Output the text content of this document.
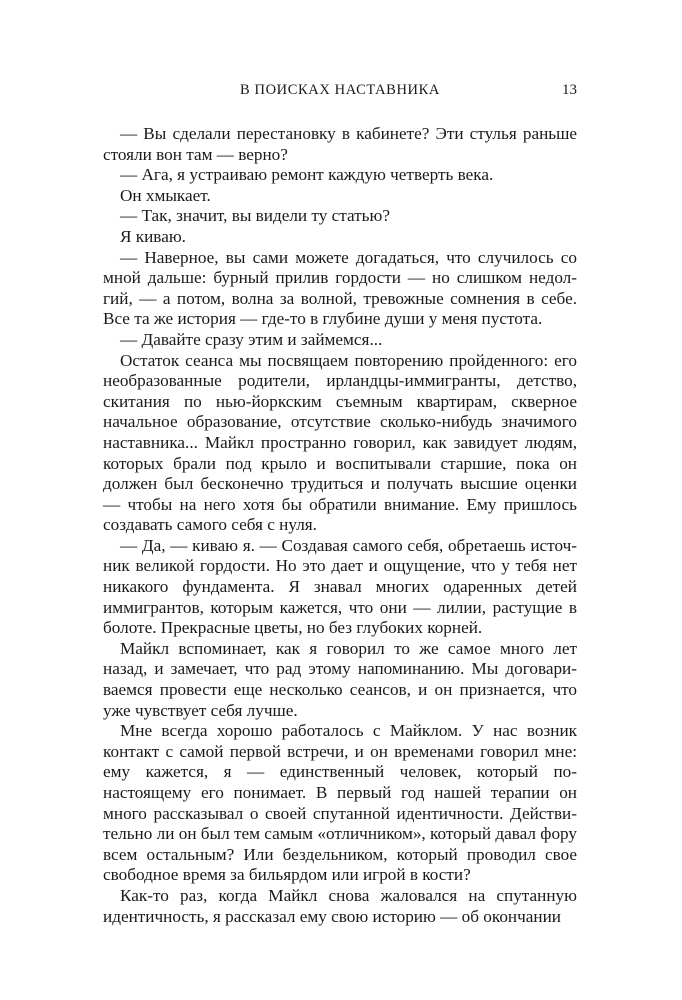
В ПОИСКАХ НАСТАВНИКА	13

— Вы сделали перестановку в кабинете? Эти стулья раньше стояли вон там — верно?

— Ага, я устраиваю ремонт каждую четверть века.

Он хмыкает.

— Так, значит, вы видели ту статью?

Я киваю.

— Наверное, вы сами можете догадаться, что случилось со мной дальше: бурный прилив гордости — но слишком недолгий, — а потом, волна за волной, тревожные сомнения в себе. Все та же история — где-то в глубине души у меня пустота.

— Давайте сразу этим и займемся...

Остаток сеанса мы посвящаем повторению пройденного: его необразованные родители, ирландцы-иммигранты, детство, скитания по нью-йоркским съемным квартирам, скверное начальное образование, отсутствие сколько-нибудь значимого наставника... Майкл пространно говорил, как завидует людям, которых брали под крыло и воспитывали старшие, пока он должен был бесконечно трудиться и получать высшие оценки — чтобы на него хотя бы обратили внимание. Ему пришлось создавать самого себя с нуля.

— Да, — киваю я. — Создавая самого себя, обретаешь источник великой гордости. Но это дает и ощущение, что у тебя нет никакого фундамента. Я знавал многих одаренных детей иммигрантов, которым кажется, что они — лилии, растущие в болоте. Прекрасные цветы, но без глубоких корней.

Майкл вспоминает, как я говорил то же самое много лет назад, и замечает, что рад этому напоминанию. Мы договариваемся провести еще несколько сеансов, и он признается, что уже чувствует себя лучше.

Мне всегда хорошо работалось с Майклом. У нас возник контакт с самой первой встречи, и он временами говорил мне: ему кажется, я — единственный человек, который по-настоящему его понимает. В первый год нашей терапии он много рассказывал о своей спутанной идентичности. Действительно ли он был тем самым «отличником», который давал фору всем остальным? Или бездельником, который проводил свое свободное время за бильярдом или игрой в кости?

Как-то раз, когда Майкл снова жаловался на спутанную идентичность, я рассказал ему свою историю — об окончании
